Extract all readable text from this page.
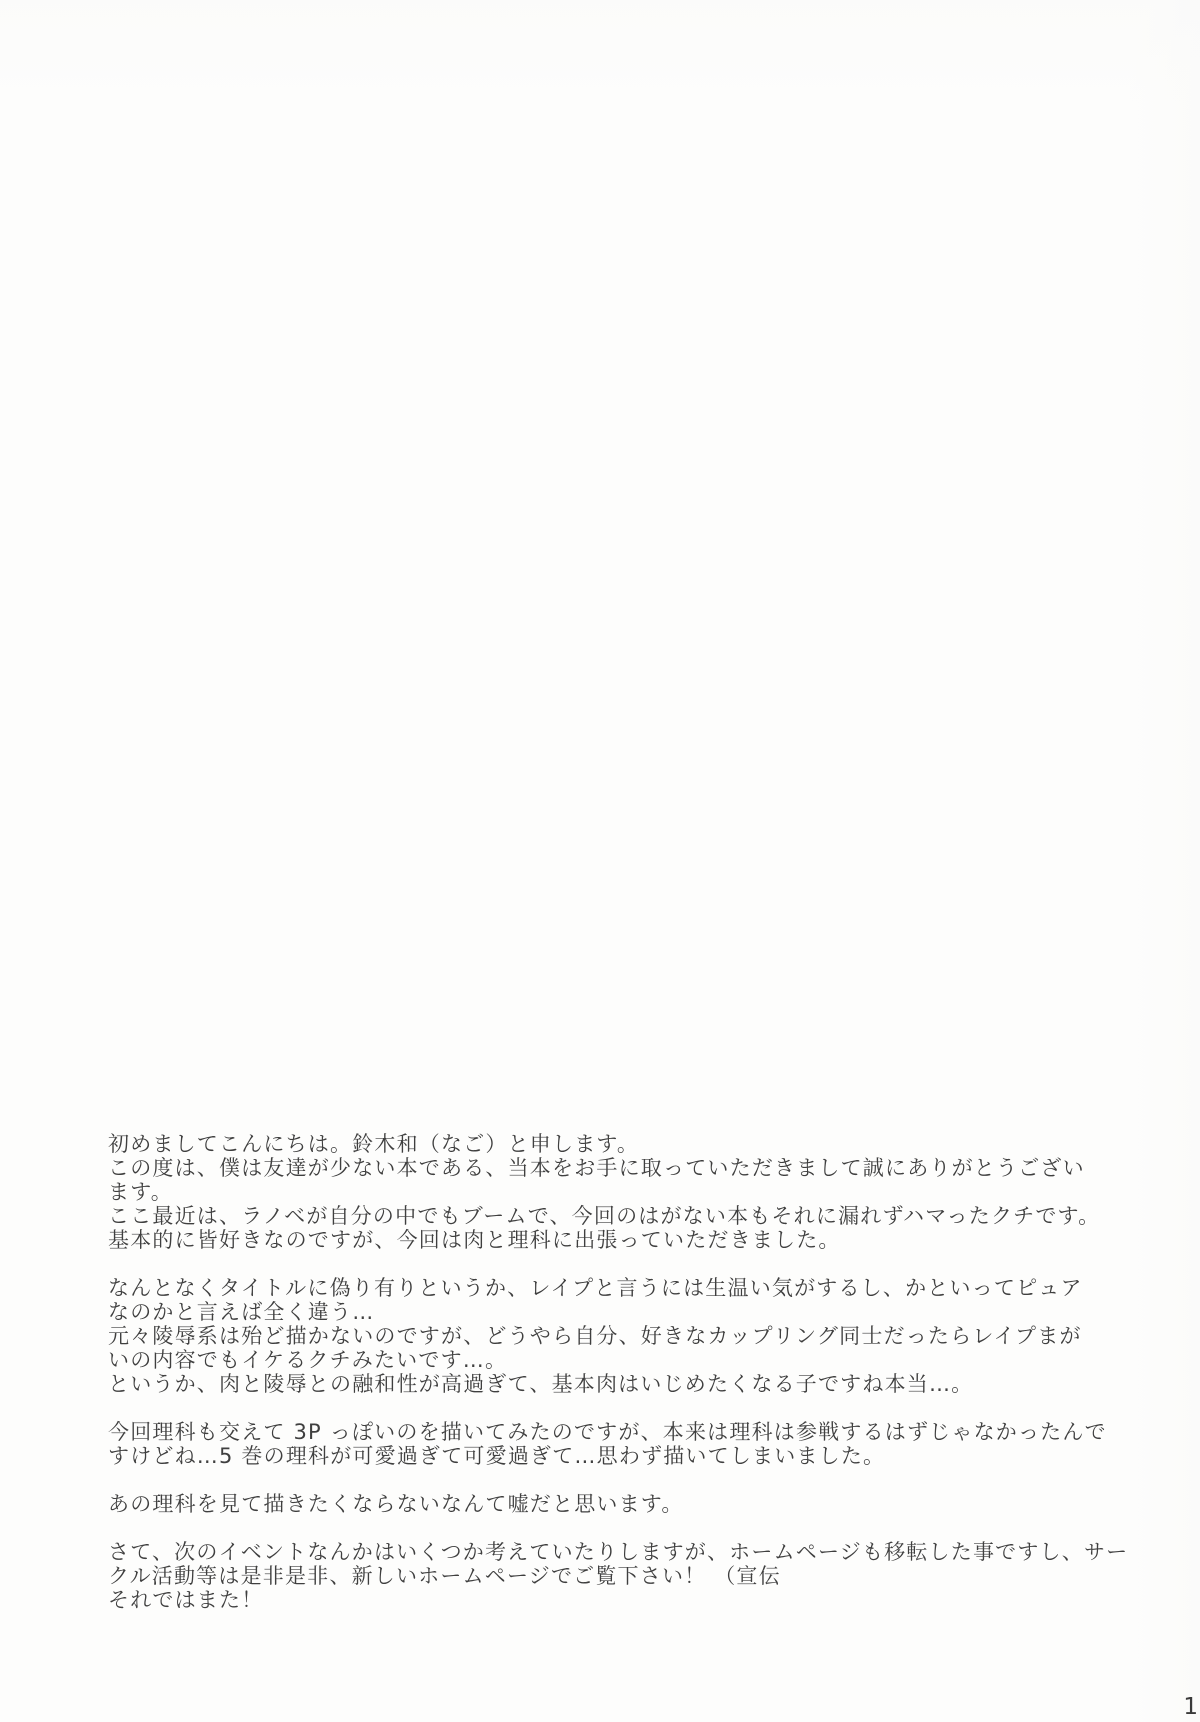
初めましてこんにちは。鈴木和（なご）と申します。
この度は、僕は友達が少ない本である、当本をお手に取っていただきまして誠にありがとうござい
ます。
ここ最近は、ラノベが自分の中でもブームで、今回のはがない本もそれに漏れずハマったクチです。
基本的に皆好きなのですが、今回は肉と理科に出張っていただきました。
なんとなくタイトルに偽り有りというか、レイプと言うには生温い気がするし、かといってピュア
なのかと言えば全く違う…
元々陵辱系は殆ど描かないのですが、どうやら自分、好きなカップリング同士だったらレイプまが
いの内容でもイケるクチみたいです…。
というか、肉と陵辱との融和性が高過ぎて、基本肉はいじめたくなる子ですね本当…。
今回理科も交えて 3P っぽいのを描いてみたのですが、本来は理科は参戦するはずじゃなかったんで
すけどね…5 巻の理科が可愛過ぎて可愛過ぎて…思わず描いてしまいました。
あの理科を見て描きたくならないなんて嘘だと思います。
さて、次のイベントなんかはいくつか考えていたりしますが、ホームページも移転した事ですし、サー
クル活動等は是非是非、新しいホームページでご覧下さい！ （宣伝
それではまた！
1
